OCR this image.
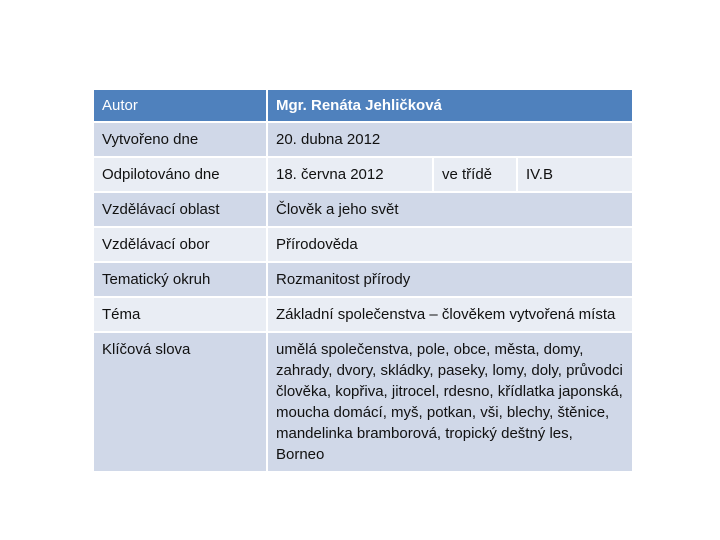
Autor	Mgr. Renáta Jehličková		
Vytvořeno dne	20. dubna 2012		
Odpilotováno dne	18. června 2012	ve třídě	IV.B
Vzdělávací oblast	Člověk a jeho svět		
Vzdělávací obor	Přírodověda		
Tematický okruh	Rozmanitost přírody		
Téma	Základní společenstva – člověkem vytvořená místa		
Klíčová slova	umělá společenstva, pole, obce, města, domy, zahrady, dvory, skládky, paseky, lomy, doly, průvodci člověka, kopřiva, jitrocel, rdesno, křídlatka japonská, moucha domácí, myš, potkan, vši, blechy, štěnice, mandelinka bramborová, tropický deštný les, Borneo		
